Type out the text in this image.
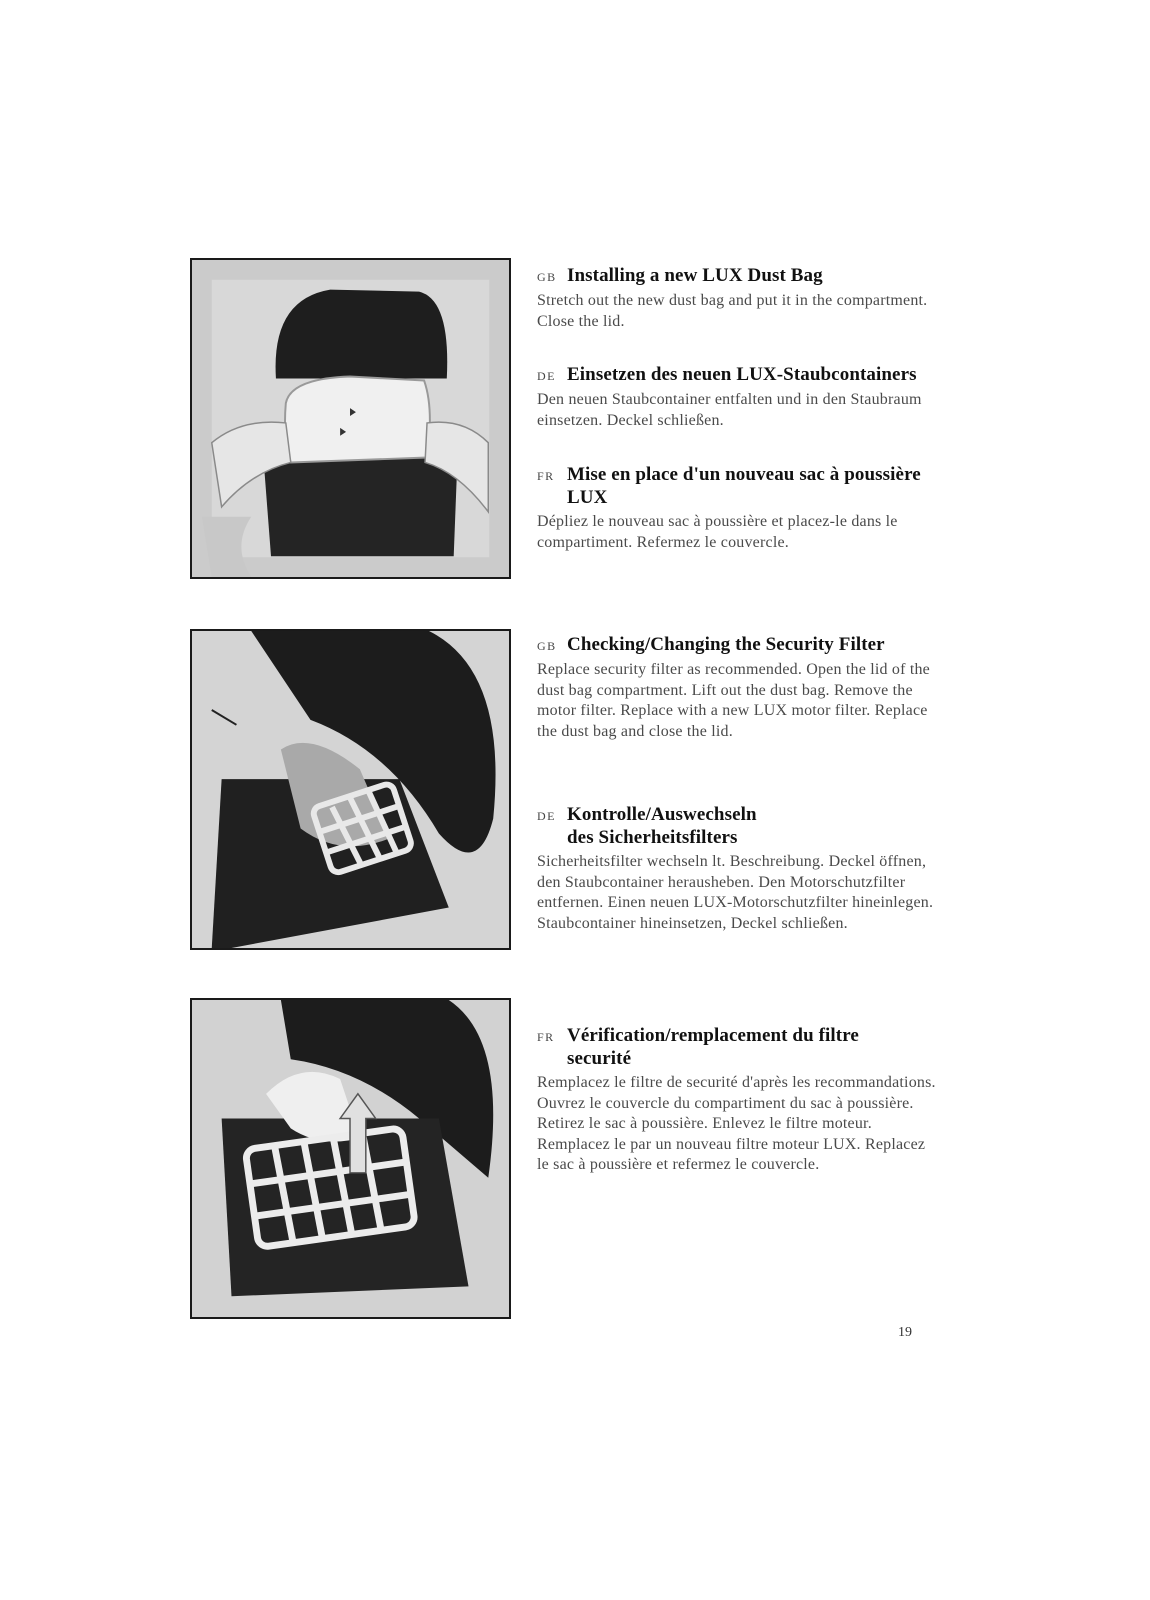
GB Installing a new LUX Dust Bag

Stretch out the new dust bag and put it in the compartment. Close the lid.

DE Einsetzen des neuen LUX-Staubcontainers

Den neuen Staubcontainer entfalten und in den Staubraum einsetzen. Deckel schließen.

FR Mise en place d'un nouveau sac à poussière
LUX

Dépliez le nouveau sac à poussière et placez-le dans le compartiment. Refermez le couvercle.

GB Checking/Changing the Security Filter

Replace security filter as recommended. Open the lid of the dust bag compartment. Lift out the dust bag. Remove the motor filter. Replace with a new LUX motor filter. Replace the dust bag and close the lid.

DE Kontrolle/Auswechseln
des Sicherheitsfilters

Sicherheitsfilter wechseln lt. Beschreibung. Deckel öffnen, den Staubcontainer herausheben. Den Motorschutzfilter entfernen. Einen neuen LUX-Motorschutzfilter hineinlegen. Staubcontainer hineinsetzen, Deckel schließen.

FR Vérification/remplacement du filtre
securité

Remplacez le filtre de securité d'après les recommandations. Ouvrez le couvercle du compartiment du sac à poussière. Retirez le sac à poussière. Enlevez le filtre moteur. Remplacez le par un nouveau filtre moteur LUX. Replacez le sac à poussière et refermez le couvercle.

19
